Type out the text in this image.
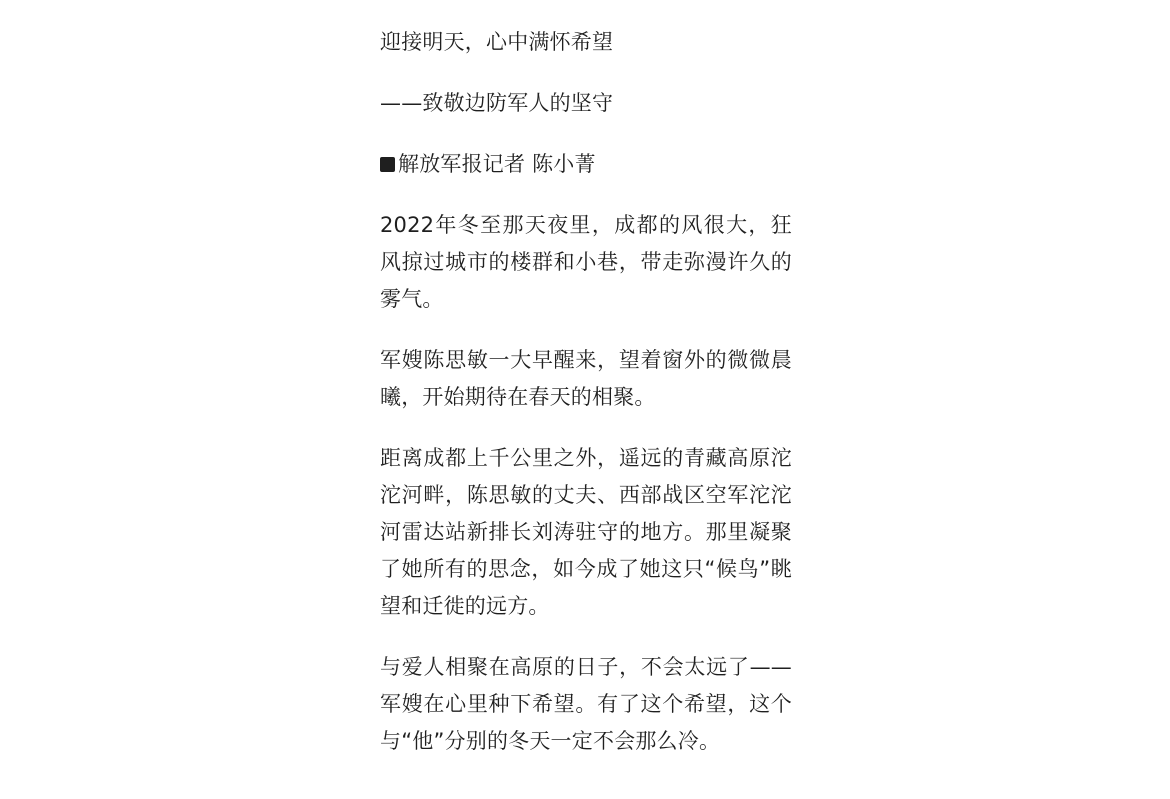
迎接明天，心中满怀希望

——致敬边防军人的坚守

解放军报记者 陈小菁

2022年冬至那天夜里，成都的风很大，狂风掠过城市的楼群和小巷，带走弥漫许久的雾气。

军嫂陈思敏一大早醒来，望着窗外的微微晨曦，开始期待在春天的相聚。

距离成都上千公里之外，遥远的青藏高原沱沱河畔，陈思敏的丈夫、西部战区空军沱沱河雷达站新排长刘涛驻守的地方。那里凝聚了她所有的思念，如今成了她这只“候鸟”眺望和迁徙的远方。

与爱人相聚在高原的日子，不会太远了——军嫂在心里种下希望。有了这个希望，这个与“他”分别的冬天一定不会那么冷。
